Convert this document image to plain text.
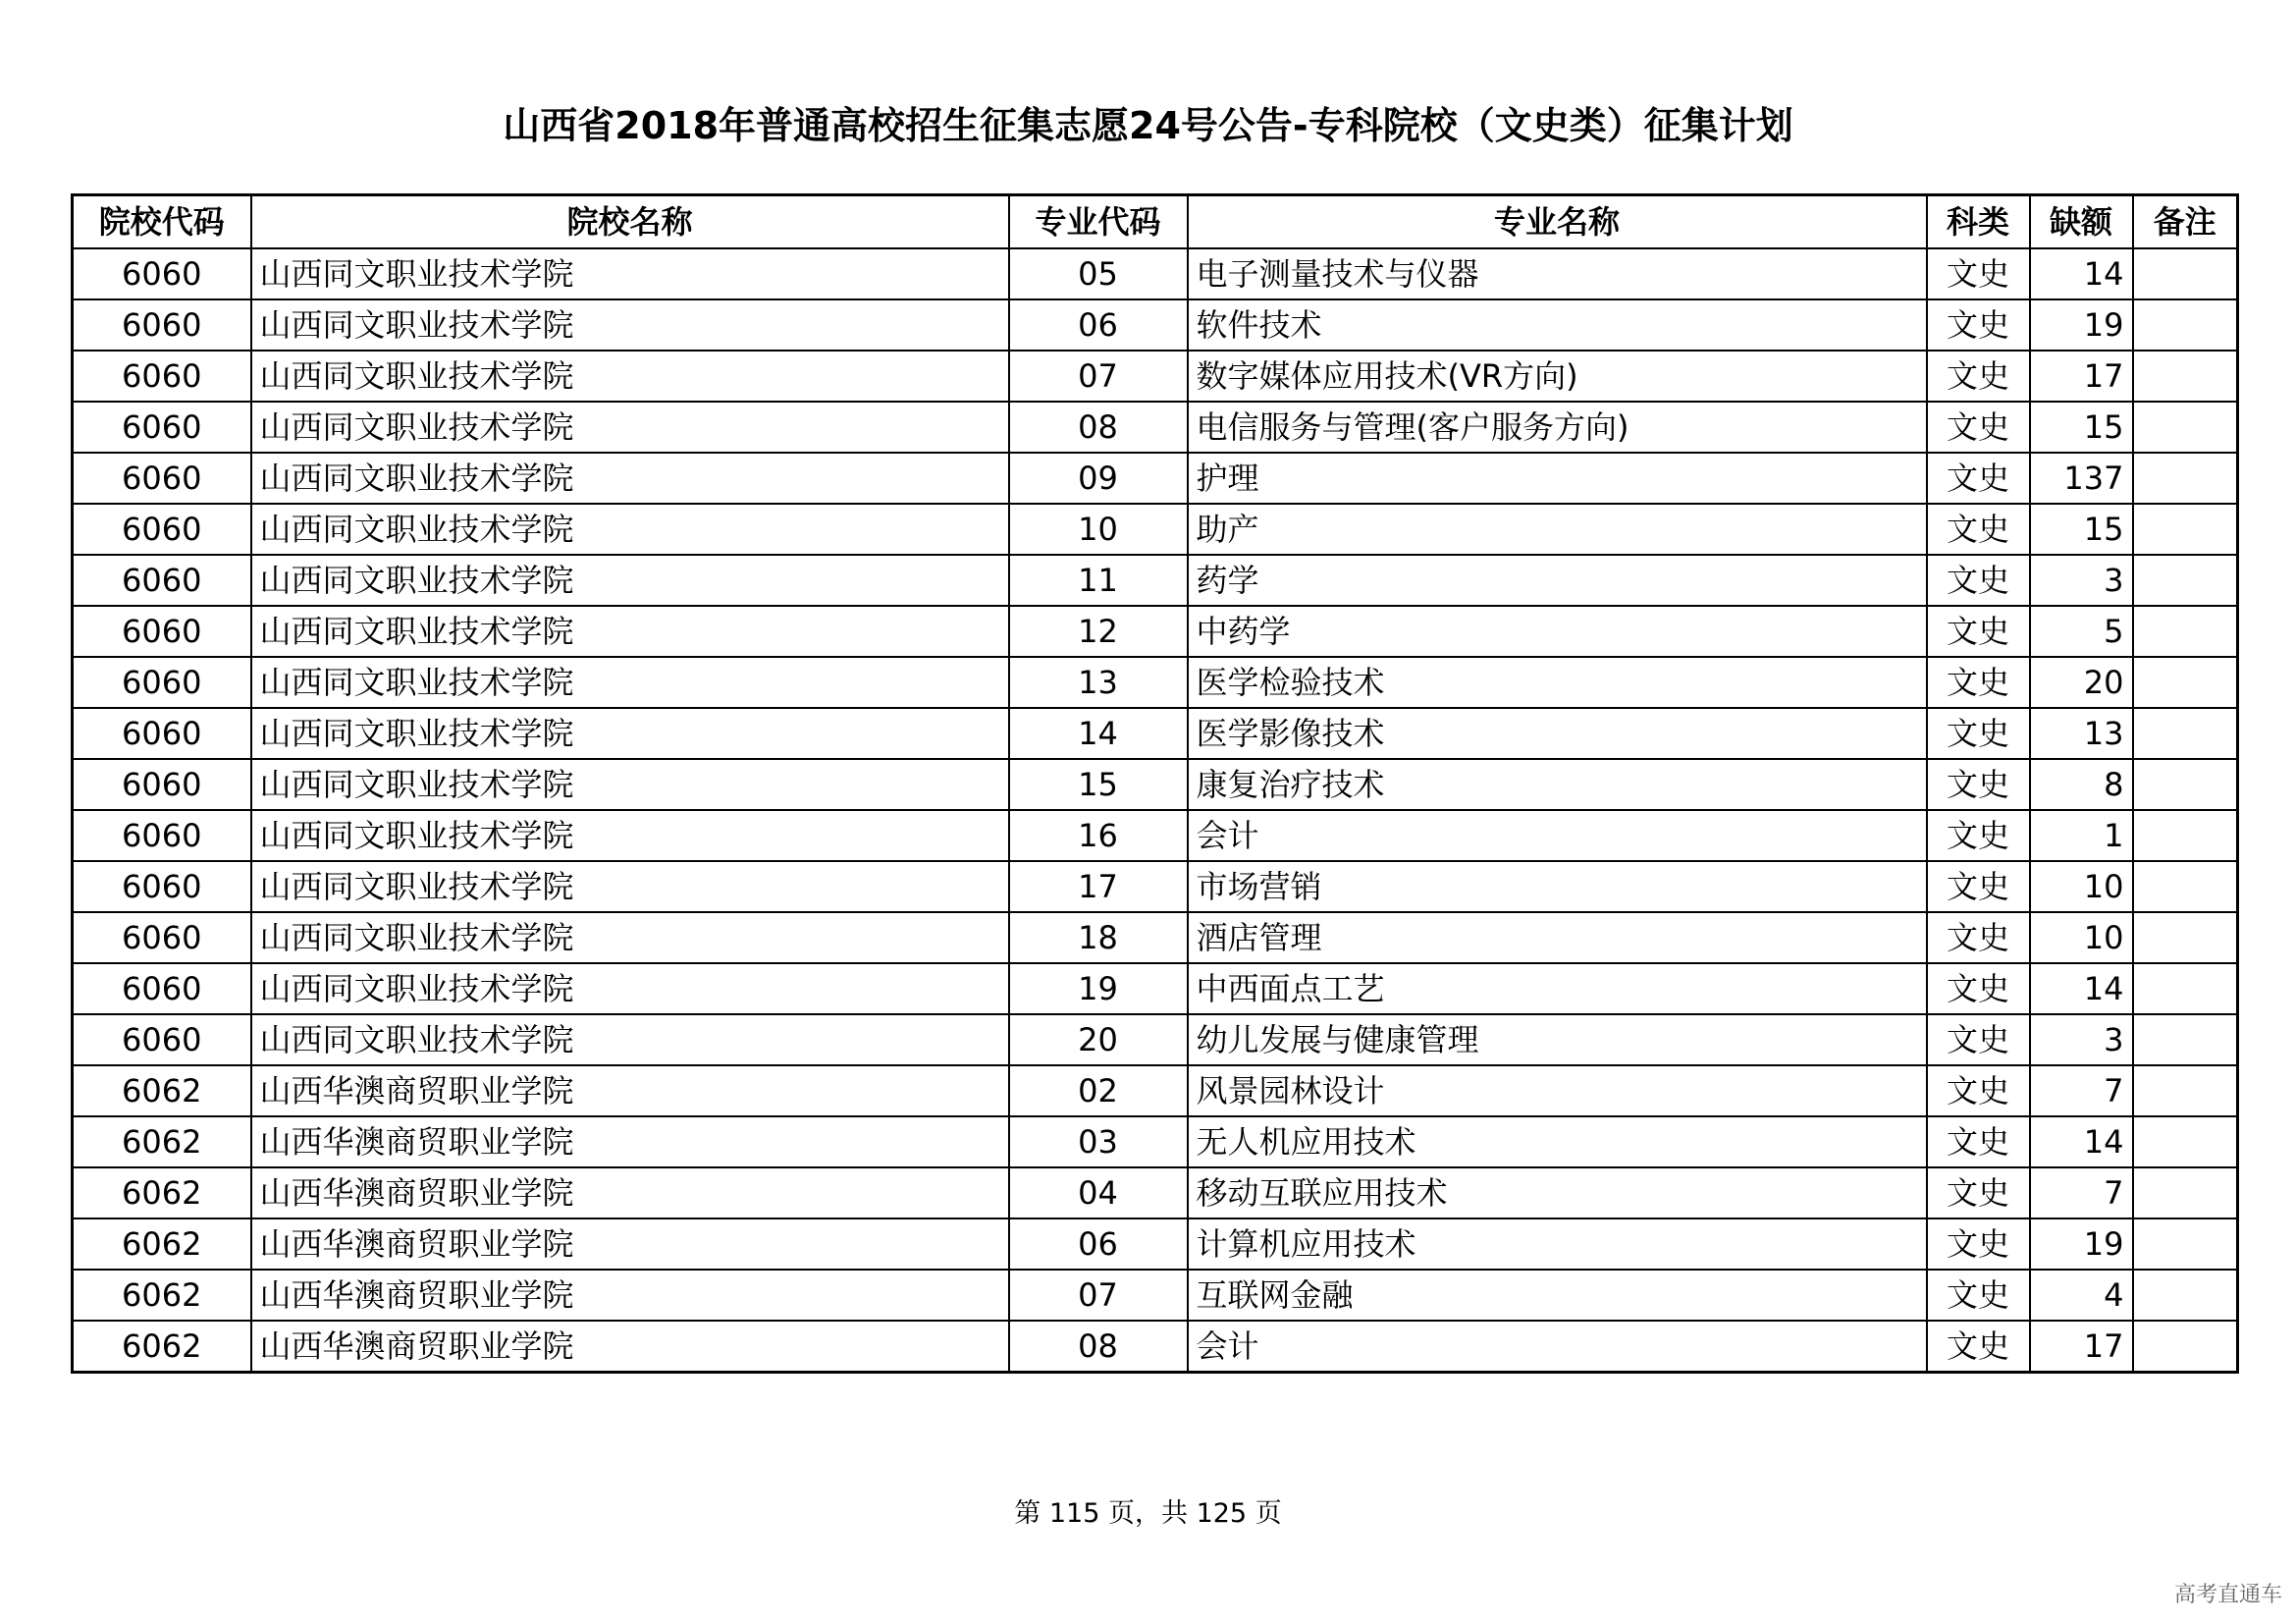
山西省2018年普通高校招生征集志愿24号公告-专科院校（文史类）征集计划
院校代码	院校名称	专业代码	专业名称	科类	缺额	备注
6060	山西同文职业技术学院	05	电子测量技术与仪器	文史	14	
6060	山西同文职业技术学院	06	软件技术	文史	19	
6060	山西同文职业技术学院	07	数字媒体应用技术(VR方向)	文史	17	
6060	山西同文职业技术学院	08	电信服务与管理(客户服务方向)	文史	15	
6060	山西同文职业技术学院	09	护理	文史	137	
6060	山西同文职业技术学院	10	助产	文史	15	
6060	山西同文职业技术学院	11	药学	文史	3	
6060	山西同文职业技术学院	12	中药学	文史	5	
6060	山西同文职业技术学院	13	医学检验技术	文史	20	
6060	山西同文职业技术学院	14	医学影像技术	文史	13	
6060	山西同文职业技术学院	15	康复治疗技术	文史	8	
6060	山西同文职业技术学院	16	会计	文史	1	
6060	山西同文职业技术学院	17	市场营销	文史	10	
6060	山西同文职业技术学院	18	酒店管理	文史	10	
6060	山西同文职业技术学院	19	中西面点工艺	文史	14	
6060	山西同文职业技术学院	20	幼儿发展与健康管理	文史	3	
6062	山西华澳商贸职业学院	02	风景园林设计	文史	7	
6062	山西华澳商贸职业学院	03	无人机应用技术	文史	14	
6062	山西华澳商贸职业学院	04	移动互联应用技术	文史	7	
6062	山西华澳商贸职业学院	06	计算机应用技术	文史	19	
6062	山西华澳商贸职业学院	07	互联网金融	文史	4	
6062	山西华澳商贸职业学院	08	会计	文史	17	
第 115 页，共 125 页
高考直通车
